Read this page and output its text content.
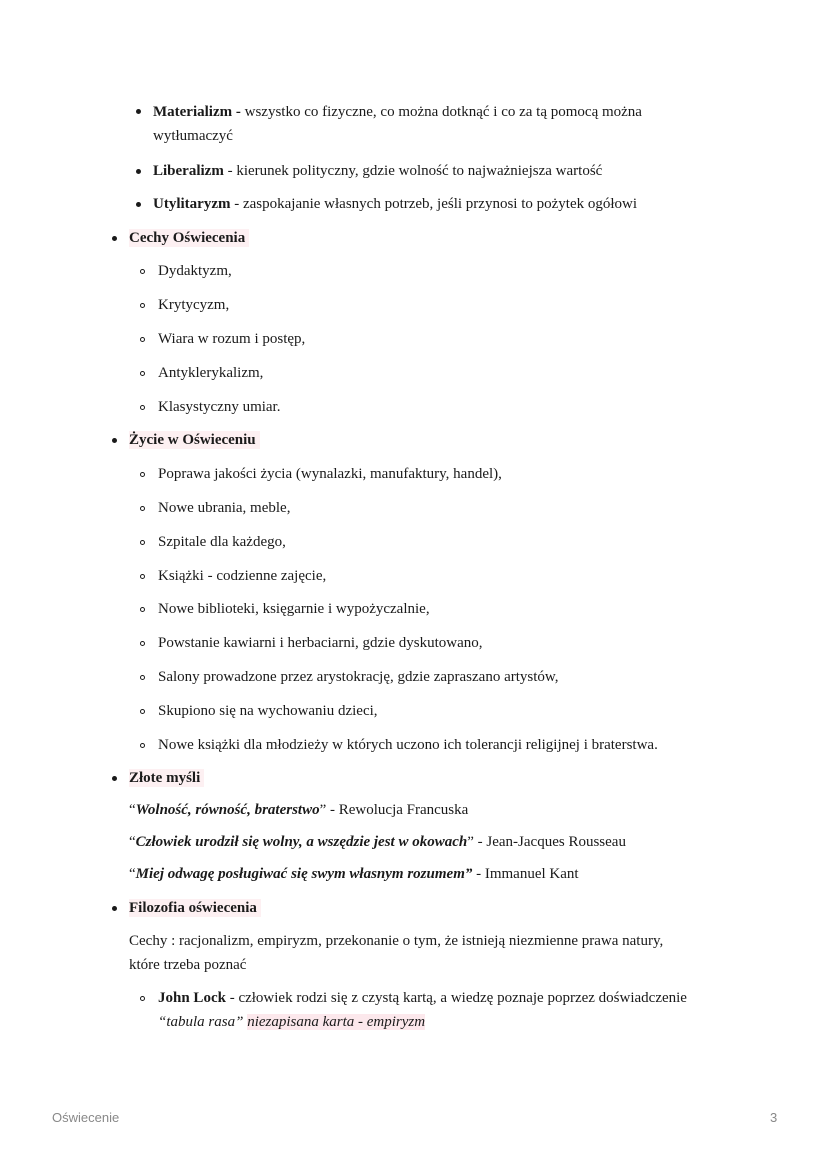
Materializm - wszystko co fizyczne, co można dotknąć i co za tą pomocą można
wytłumaczyć
Liberalizm - kierunek polityczny, gdzie wolność to najważniejsza wartość
Utylitaryzm - zaspokajanie własnych potrzeb, jeśli przynosi to pożytek ogółowi
Cechy Oświecenia
Dydaktyzm,
Krytycyzm,
Wiara w rozum i postęp,
Antyklerykalizm,
Klasystyczny umiar.
Życie w Oświeceniu
Poprawa jakości życia (wynalazki, manufaktury, handel),
Nowe ubrania, meble,
Szpitale dla każdego,
Książki - codzienne zajęcie,
Nowe biblioteki, księgarnie i wypożyczalnie,
Powstanie kawiarni i herbaciarni, gdzie dyskutowano,
Salony prowadzone przez arystokrację, gdzie zapraszano artystów,
Skupiono się na wychowaniu dzieci,
Nowe książki dla młodzieży w których uczono ich tolerancji religijnej i braterstwa.
Złote myśli
“Wolność, równość, braterstwo” - Rewolucja Francuska
“Człowiek urodził się wolny, a wszędzie jest w okowach” - Jean-Jacques Rousseau
“Miej odwagę posługiwać się swym własnym rozumem” - Immanuel Kant
Filozofia oświecenia
Cechy : racjonalizm, empiryzm, przekonanie o tym, że istnieją niezmienne prawa natury,
które trzeba poznać
John Lock - człowiek rodzi się z czystą kartą, a wiedzę poznaje poprzez doświadczenie
“tabula rasa” niezapisana karta - empiryzm
Oświecenie	3
